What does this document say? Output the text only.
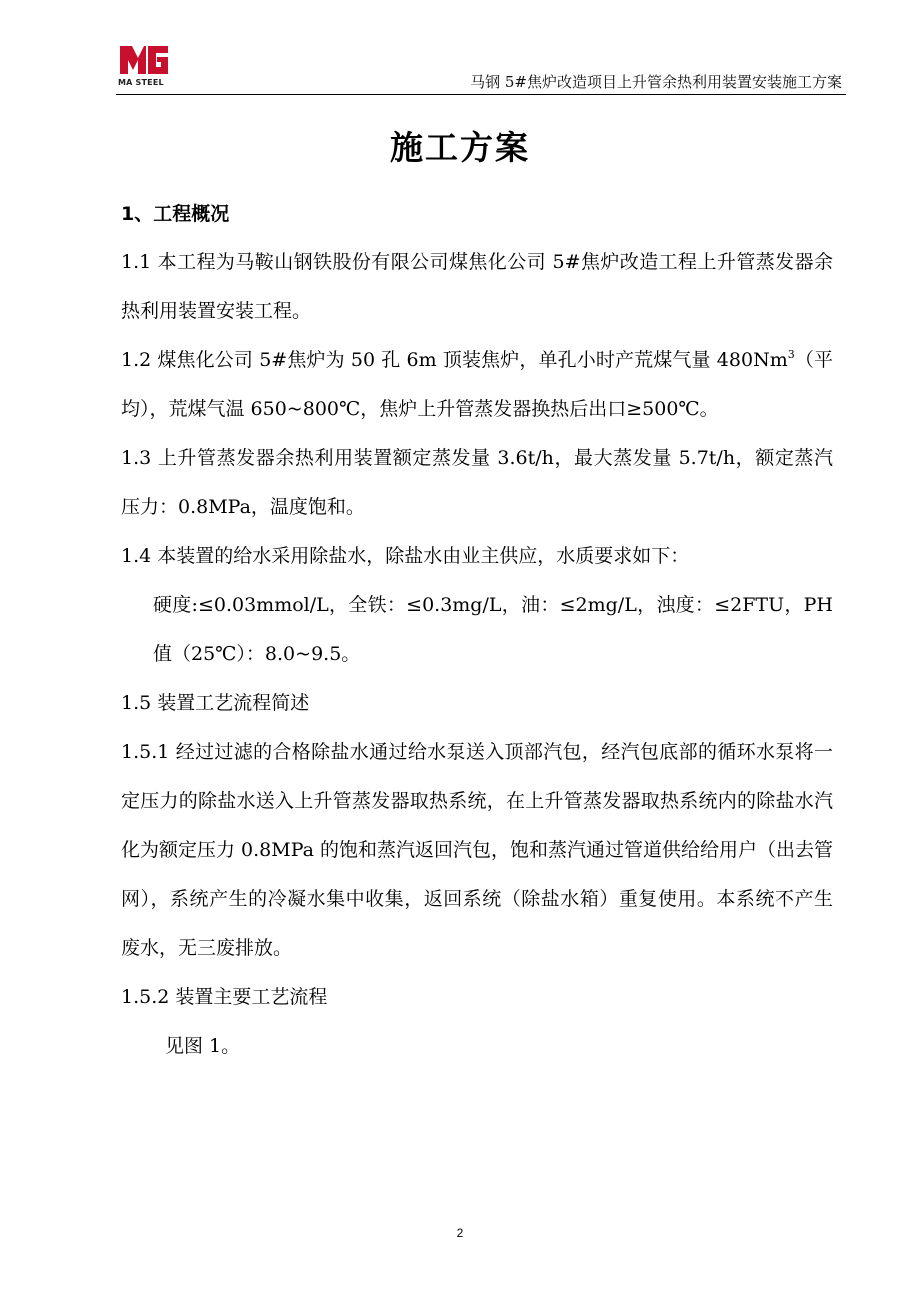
MA STEEL	马钢 5#焦炉改造项目上升管余热利用装置安装施工方案
施工方案
1、工程概况

1.1 本工程为马鞍山钢铁股份有限公司煤焦化公司 5#焦炉改造工程上升管蒸发器余热利用装置安装工程。

1.2 煤焦化公司 5#焦炉为 50 孔 6m 顶装焦炉，单孔小时产荒煤气量 480Nm$^3$（平均），荒煤气温 650~800℃，焦炉上升管蒸发器换热后出口≥500℃。

1.3 上升管蒸发器余热利用装置额定蒸发量 3.6t/h，最大蒸发量 5.7t/h，额定蒸汽压力：0.8MPa，温度饱和。

1.4 本装置的给水采用除盐水，除盐水由业主供应，水质要求如下：

硬度:≤0.03mmol/L，全铁：≤0.3mg/L，油：≤2mg/L，浊度：≤2FTU，PH 值（25℃）：8.0~9.5。

1.5 装置工艺流程简述

1.5.1 经过过滤的合格除盐水通过给水泵送入顶部汽包，经汽包底部的循环水泵将一定压力的除盐水送入上升管蒸发器取热系统，在上升管蒸发器取热系统内的除盐水汽化为额定压力 0.8MPa 的饱和蒸汽返回汽包，饱和蒸汽通过管道供给给用户（出去管网），系统产生的冷凝水集中收集，返回系统（除盐水箱）重复使用。本系统不产生废水，无三废排放。

1.5.2 装置主要工艺流程

见图 1。

2
